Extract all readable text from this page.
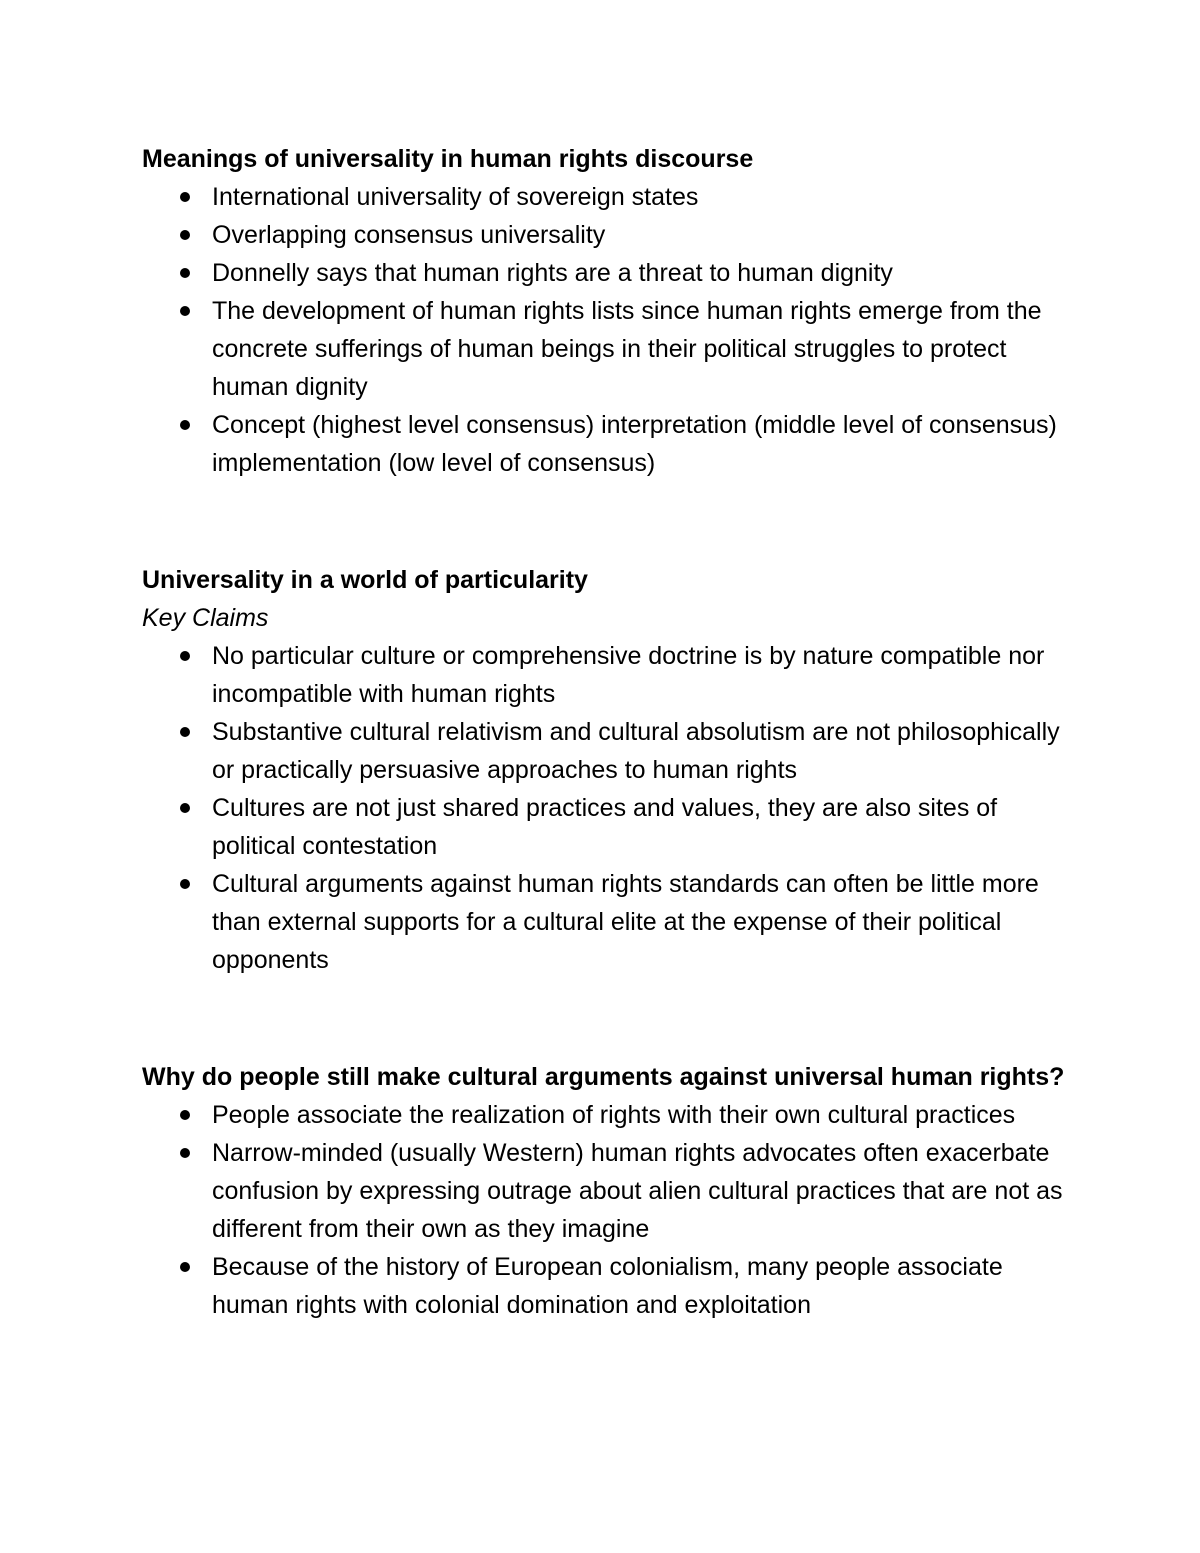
Meanings of universality in human rights discourse
International universality of sovereign states
Overlapping consensus universality
Donnelly says that human rights are a threat to human dignity
The development of human rights lists since human rights emerge from the concrete sufferings of human beings in their political struggles to protect human dignity
Concept (highest level consensus) interpretation (middle level of consensus) implementation (low level of consensus)
Universality in a world of particularity

Key Claims

No particular culture or comprehensive doctrine is by nature compatible nor incompatible with human rights
Substantive cultural relativism and cultural absolutism are not philosophically or practically persuasive approaches to human rights
Cultures are not just shared practices and values, they are also sites of political contestation
Cultural arguments against human rights standards can often be little more than external supports for a cultural elite at the expense of their political opponents
Why do people still make cultural arguments against universal human rights?
People associate the realization of rights with their own cultural practices
Narrow-minded (usually Western) human rights advocates often exacerbate confusion by expressing outrage about alien cultural practices that are not as different from their own as they imagine
Because of the history of European colonialism, many people associate human rights with colonial domination and exploitation
